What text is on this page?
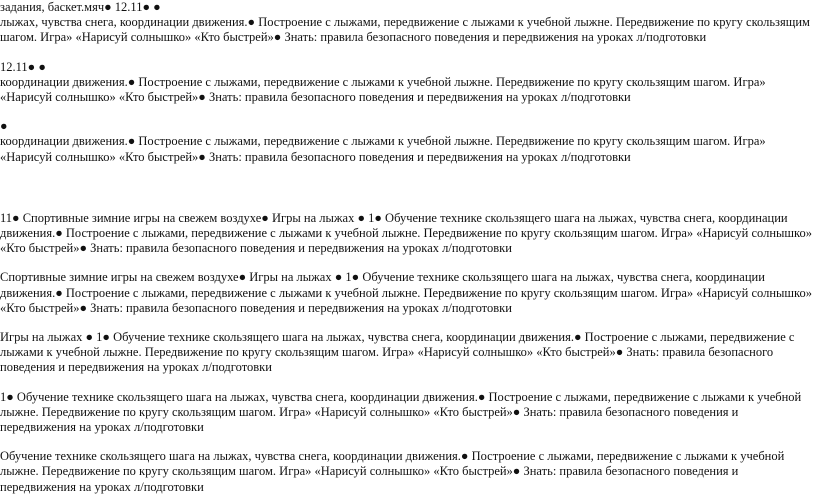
задания, баскет.мяч● 12.11● ●
лыжах, чувства снега, координации движения.● Построение с лыжами, передвижение с лыжами к учебной лыжне. Передвижение по кругу скользящим шагом. Игра» «Нарисуй солнышко» «Кто быстрей»● Знать: правила безопасного поведения и передвижения на уроках л/подготовки

12.11● ●
координации движения.● Построение с лыжами, передвижение с лыжами к учебной лыжне. Передвижение по кругу скользящим шагом. Игра» «Нарисуй солнышко» «Кто быстрей»● Знать: правила безопасного поведения и передвижения на уроках л/подготовки

●
координации движения.● Построение с лыжами, передвижение с лыжами к учебной лыжне. Передвижение по кругу скользящим шагом. Игра» «Нарисуй солнышко» «Кто быстрей»● Знать: правила безопасного поведения и передвижения на уроках л/подготовки

11● Спортивные зимние игры на свежем воздухе● Игры на лыжах ● 1● Обучение технике скользящего шага на лыжах, чувства снега, координации движения.● Построение с лыжами, передвижение с лыжами к учебной лыжне. Передвижение по кругу скользящим шагом. Игра» «Нарисуй солнышко» «Кто быстрей»● Знать: правила безопасного поведения и передвижения на уроках л/подготовки

Спортивные зимние игры на свежем воздухе● Игры на лыжах ● 1● Обучение технике скользящего шага на лыжах, чувства снега, координации движения.● Построение с лыжами, передвижение с лыжами к учебной лыжне. Передвижение по кругу скользящим шагом. Игра» «Нарисуй солнышко» «Кто быстрей»● Знать: правила безопасного поведения и передвижения на уроках л/подготовки

Игры на лыжах ● 1● Обучение технике скользящего шага на лыжах, чувства снега, координации движения.● Построение с лыжами, передвижение с лыжами к учебной лыжне. Передвижение по кругу скользящим шагом. Игра» «Нарисуй солнышко» «Кто быстрей»● Знать: правила безопасного поведения и передвижения на уроках л/подготовки

1● Обучение технике скользящего шага на лыжах, чувства снега, координации движения.● Построение с лыжами, передвижение с лыжами к учебной лыжне. Передвижение по кругу скользящим шагом. Игра» «Нарисуй солнышко» «Кто быстрей»● Знать: правила безопасного поведения и передвижения на уроках л/подготовки

Обучение технике скользящего шага на лыжах, чувства снега, координации движения.● Построение с лыжами, передвижение с лыжами к учебной лыжне. Передвижение по кругу скользящим шагом. Игра» «Нарисуй солнышко» «Кто быстрей»● Знать: правила безопасного поведения и передвижения на уроках л/подготовки
